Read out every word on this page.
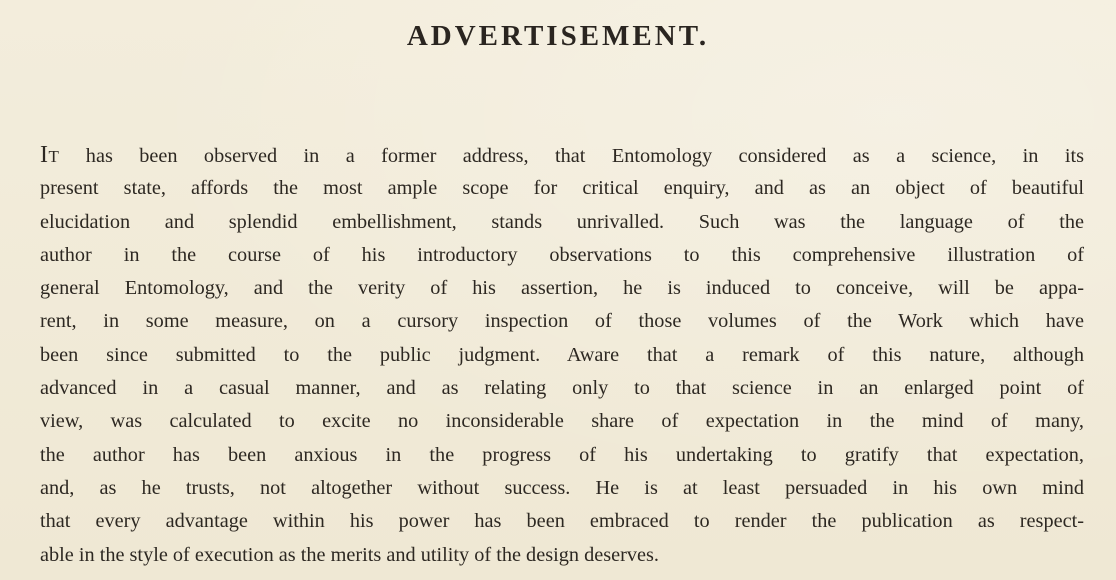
ADVERTISEMENT.
It has been observed in a former address, that Entomology considered as a science, in its
present state, affords the most ample scope for critical enquiry, and as an object of beautiful
elucidation and splendid embellishment, stands unrivalled. Such was the language of the
author in the course of his introductory observations to this comprehensive illustration of
general Entomology, and the verity of his assertion, he is induced to conceive, will be appa-
rent, in some measure, on a cursory inspection of those volumes of the Work which have
been since submitted to the public judgment. Aware that a remark of this nature, although
advanced in a casual manner, and as relating only to that science in an enlarged point of
view, was calculated to excite no inconsiderable share of expectation in the mind of many,
the author has been anxious in the progress of his undertaking to gratify that expectation,
and, as he trusts, not altogether without success. He is at least persuaded in his own mind
that every advantage within his power has been embraced to render the publication as respect-
able in the style of execution as the merits and utility of the design deserves.
